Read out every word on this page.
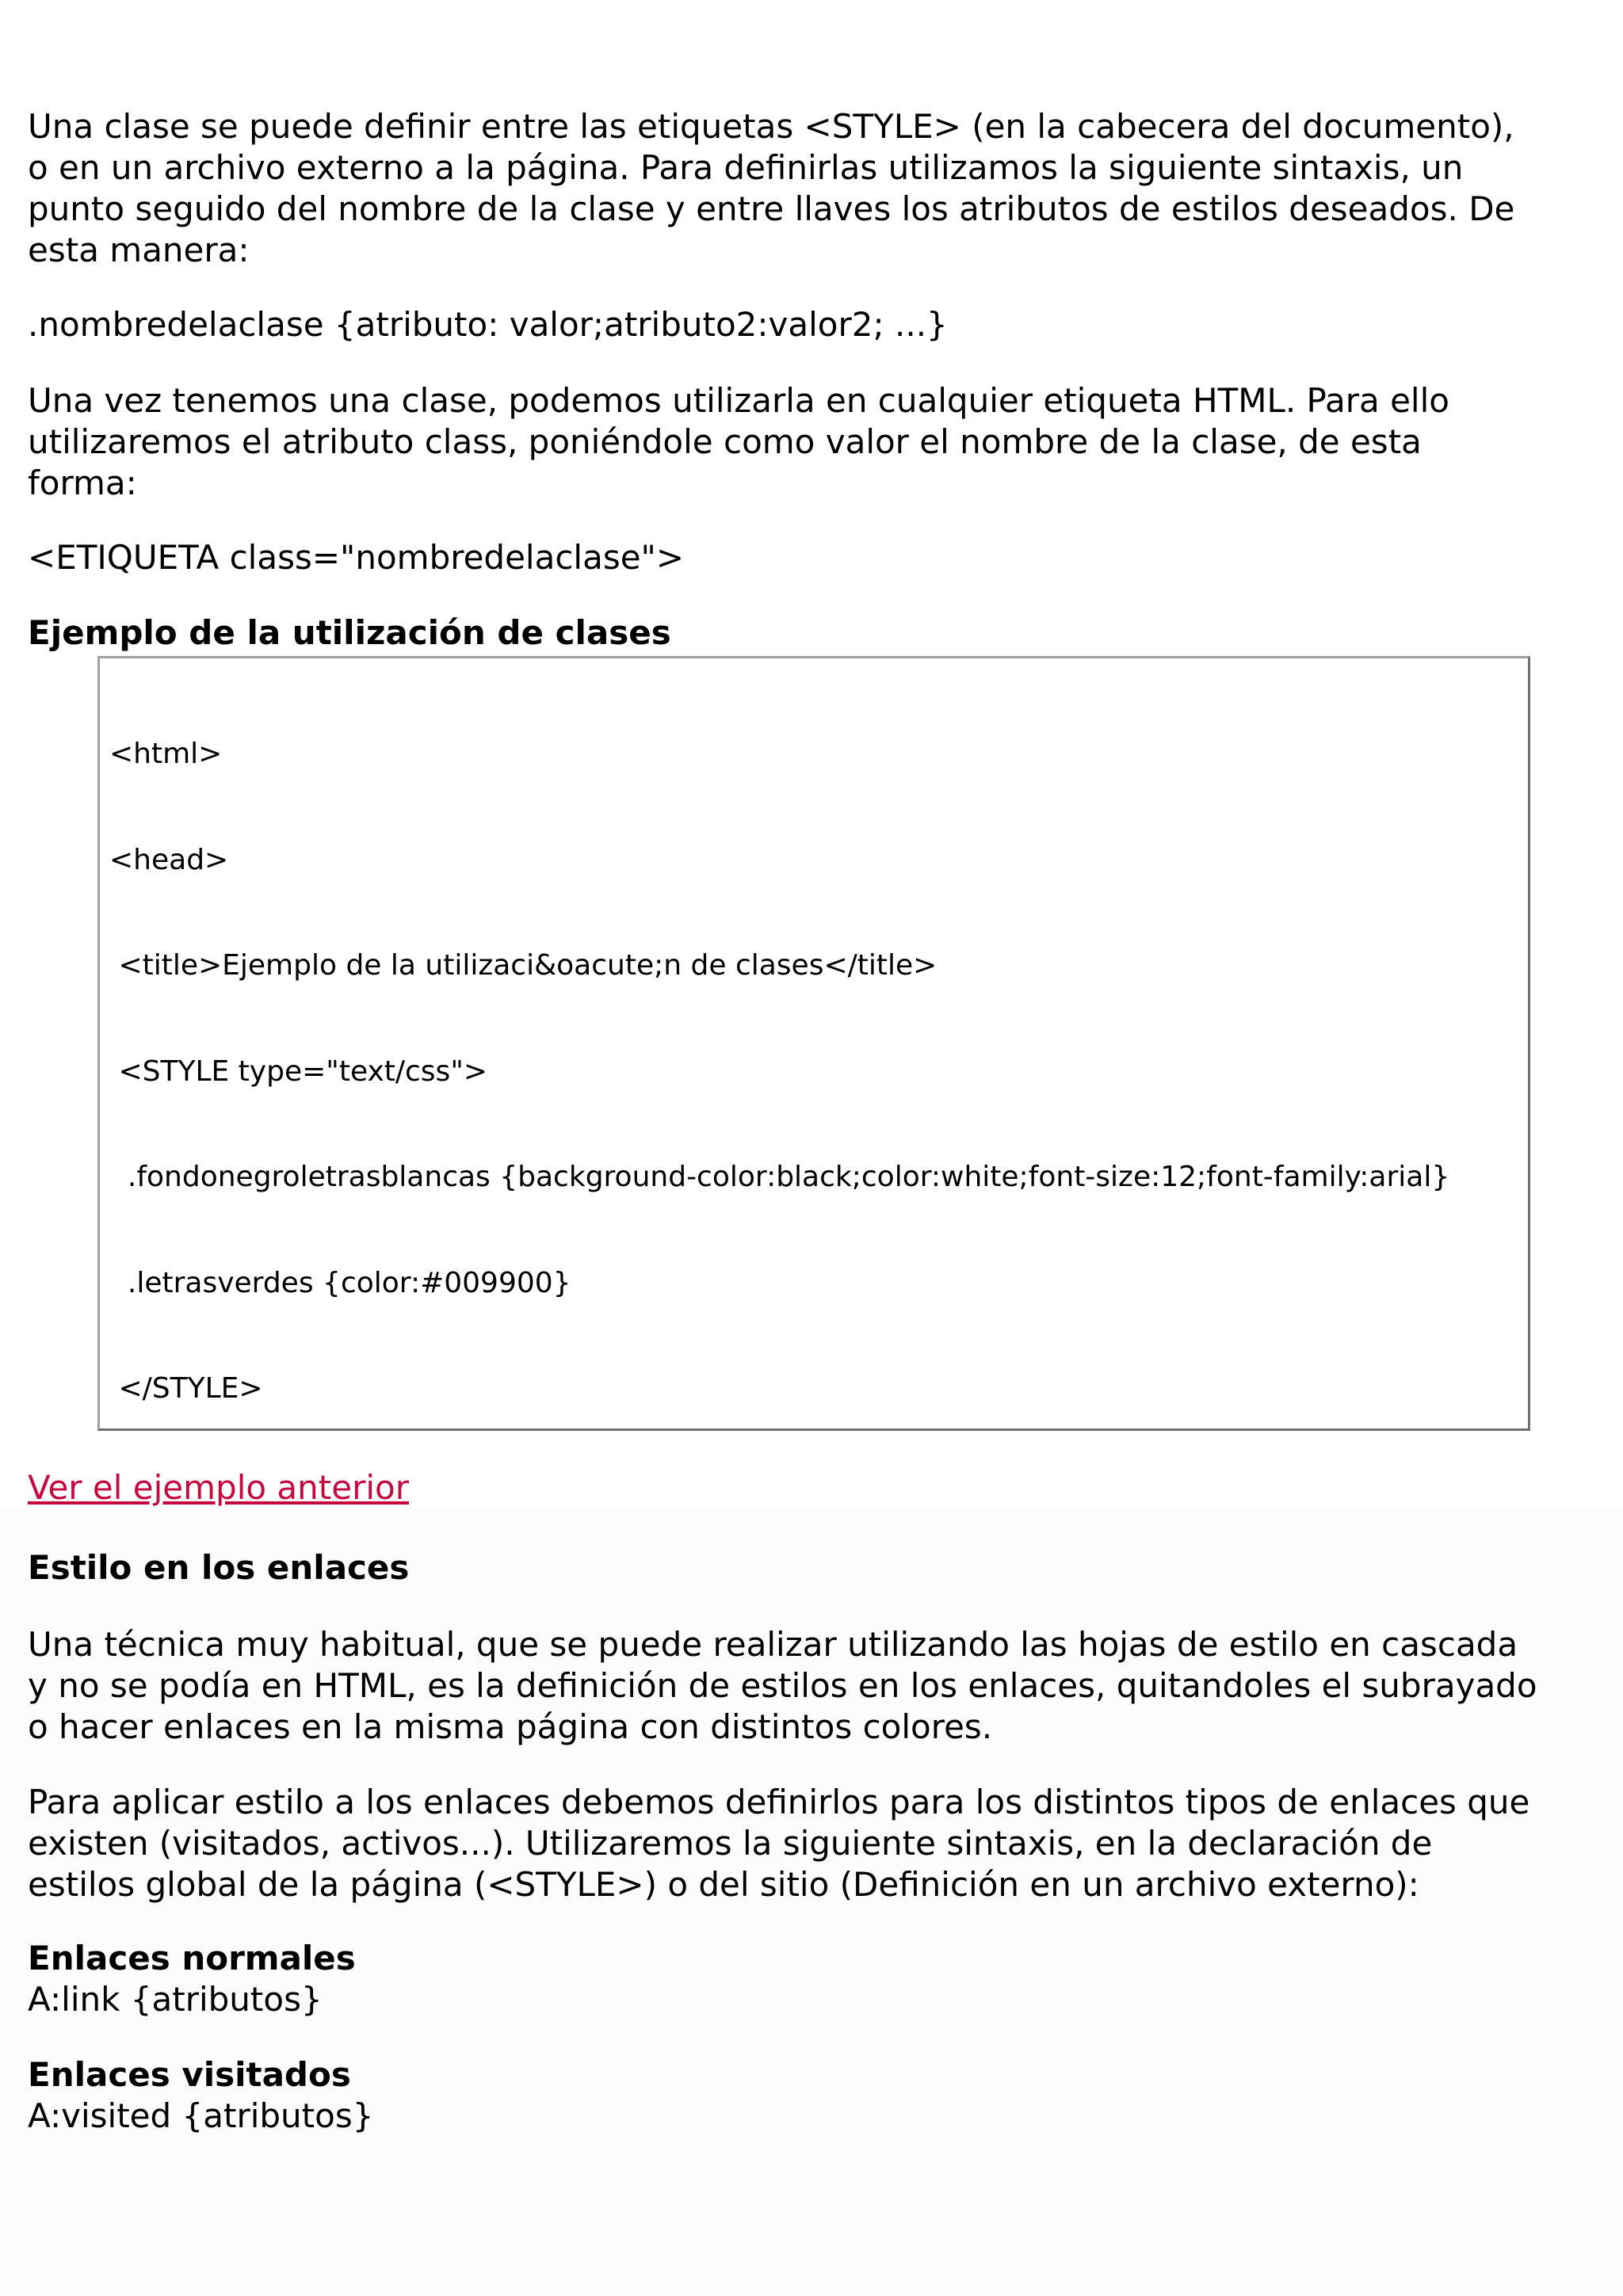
Una clase se puede definir entre las etiquetas <STYLE> (en la cabecera del documento),
o en un archivo externo a la página. Para definirlas utilizamos la siguiente sintaxis, un
punto seguido del nombre de la clase y entre llaves los atributos de estilos deseados. De
esta manera:
.nombredelaclase {atributo: valor;atributo2:valor2; ...}
Una vez tenemos una clase, podemos utilizarla en cualquier etiqueta HTML. Para ello
utilizaremos el atributo class, poniéndole como valor el nombre de la clase, de esta
forma:
<ETIQUETA class="nombredelaclase">
Ejemplo de la utilización de clases

<html>

<head>

<title>Ejemplo de la utilizaci&oacute;n de clases</title>

<STYLE type="text/css">

.fondonegroletrasblancas {background-color:black;color:white;font-size:12;font-family:arial}

.letrasverdes {color:#009900}

</STYLE>

Ver el ejemplo anterior
Estilo en los enlaces
Una técnica muy habitual, que se puede realizar utilizando las hojas de estilo en cascada
y no se podía en HTML, es la definición de estilos en los enlaces, quitandoles el subrayado
o hacer enlaces en la misma página con distintos colores.
Para aplicar estilo a los enlaces debemos definirlos para los distintos tipos de enlaces que
existen (visitados, activos...). Utilizaremos la siguiente sintaxis, en la declaración de
estilos global de la página (<STYLE>) o del sitio (Definición en un archivo externo):
Enlaces normales
A:link {atributos}
Enlaces visitados
A:visited {atributos}
